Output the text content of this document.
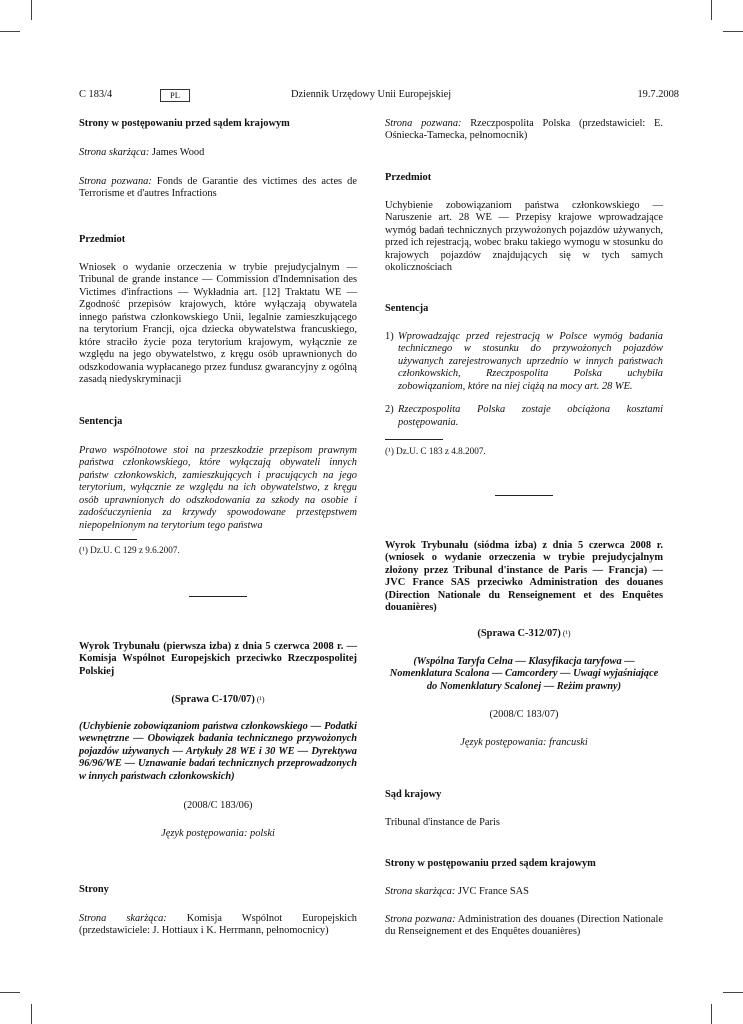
C 183/4	PL	Dziennik Urzędowy Unii Europejskiej	19.7.2008

Strony w postępowaniu przed sądem krajowym

Strona skarżąca: James Wood

Strona pozwana: Fonds de Garantie des victimes des actes de Terrorisme et d'autres Infractions

Przedmiot

Wniosek o wydanie orzeczenia w trybie prejudycjalnym — Tribunal de grande instance — Commission d'Indemnisation des Victimes d'infractions — Wykładnia art. [12] Traktatu WE — Zgodność przepisów krajowych, które wyłączają obywatela innego państwa członkowskiego Unii, legalnie zamieszkującego na terytorium Francji, ojca dziecka obywatelstwa francuskiego, które straciło życie poza terytorium krajowym, wyłącznie ze względu na jego obywatelstwo, z kręgu osób uprawnionych do odszkodowania wypłacanego przez fundusz gwarancyjny z ogólną zasadą niedyskryminacji

Sentencja

Prawo wspólnotowe stoi na przeszkodzie przepisom prawnym państwa członkowskiego, które wyłączają obywateli innych państw członkowskich, zamieszkujących i pracujących na jego terytorium, wyłącznie ze względu na ich obywatelstwo, z kręgu osób uprawnionych do odszkodowania za szkody na osobie i zadośćuczynienia za krzywdy spowodowane przestępstwem niepopełnionym na terytorium tego państwa

(¹) Dz.U. C 129 z 9.6.2007.

Wyrok Trybunału (pierwsza izba) z dnia 5 czerwca 2008 r. — Komisja Wspólnot Europejskich przeciwko Rzeczpospolitej Polskiej

(Sprawa C-170/07) (¹)

(Uchybienie zobowiązaniom państwa członkowskiego — Podatki wewnętrzne — Obowiązek badania technicznego przywożonych pojazdów używanych — Artykuły 28 WE i 30 WE — Dyrektywa 96/96/WE — Uznawanie badań technicznych przeprowadzonych w innych państwach członkowskich)

(2008/C 183/06)

Język postępowania: polski

Strony

Strona skarżąca: Komisja Wspólnot Europejskich (przedstawiciele: J. Hottiaux i K. Herrmann, pełnomocnicy)

Strona pozwana: Rzeczpospolita Polska (przedstawiciel: E. Ośniecka-Tamecka, pełnomocnik)

Przedmiot

Uchybienie zobowiązaniom państwa członkowskiego — Naruszenie art. 28 WE — Przepisy krajowe wprowadzające wymóg badań technicznych przywożonych pojazdów używanych, przed ich rejestracją, wobec braku takiego wymogu w stosunku do krajowych pojazdów znajdujących się w tych samych okolicznościach

Sentencja

1) Wprowadzając przed rejestracją w Polsce wymóg badania technicznego w stosunku do przywożonych pojazdów używanych zarejestrowanych uprzednio w innych państwach członkowskich, Rzeczpospolita Polska uchybiła zobowiązaniom, które na niej ciążą na mocy art. 28 WE.
2) Rzeczpospolita Polska zostaje obciążona kosztami postępowania.

(¹) Dz.U. C 183 z 4.8.2007.

Wyrok Trybunału (siódma izba) z dnia 5 czerwca 2008 r. (wniosek o wydanie orzeczenia w trybie prejudycjalnym złożony przez Tribunal d'instance de Paris — Francja) — JVC France SAS przeciwko Administration des douanes (Direction Nationale du Renseignement et des Enquêtes douanières)

(Sprawa C-312/07) (¹)

(Wspólna Taryfa Celna — Klasyfikacja taryfowa — Nomenklatura Scalona — Camcordery — Uwagi wyjaśniające do Nomenklatury Scalonej — Reżim prawny)

(2008/C 183/07)

Język postępowania: francuski

Sąd krajowy

Tribunal d'instance de Paris

Strony w postępowaniu przed sądem krajowym

Strona skarżąca: JVC France SAS

Strona pozwana: Administration des douanes (Direction Nationale du Renseignement et des Enquêtes douanières)
